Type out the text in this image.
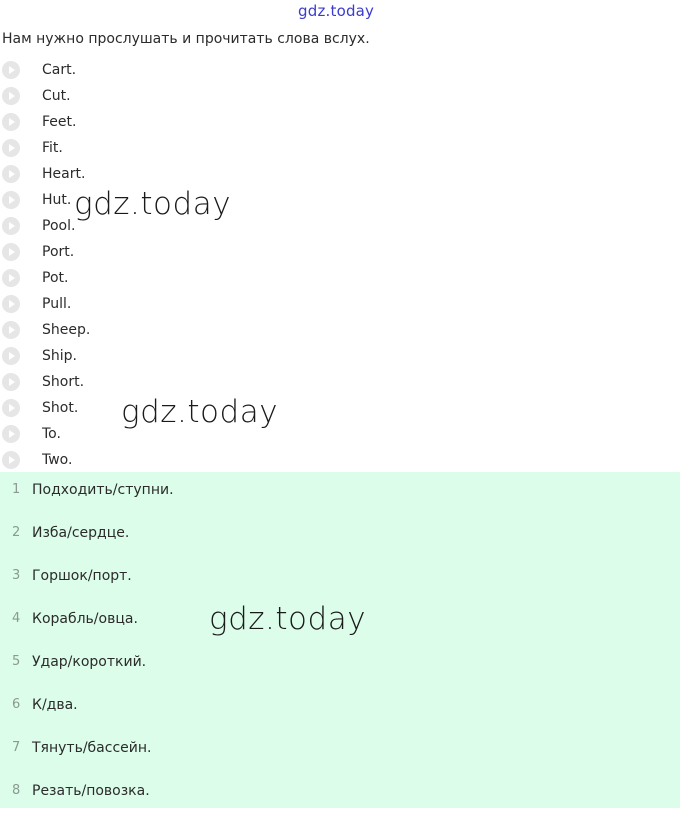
gdz.today
Нам нужно прослушать и прочитать слова вслух.
Cart.
Cut.
Feet.
Fit.
Heart.
Hut.
Pool.
Port.
Pot.
Pull.
Sheep.
Ship.
Short.
Shot.
To.
Two.
1 Подходить/ступни.
2 Изба/сердце.
3 Горшок/порт.
4 Корабль/овца.
5 Удар/короткий.
6 К/два.
7 Тянуть/бассейн.
8 Резать/повозка.
gdz.today
gdz.today
gdz.today
